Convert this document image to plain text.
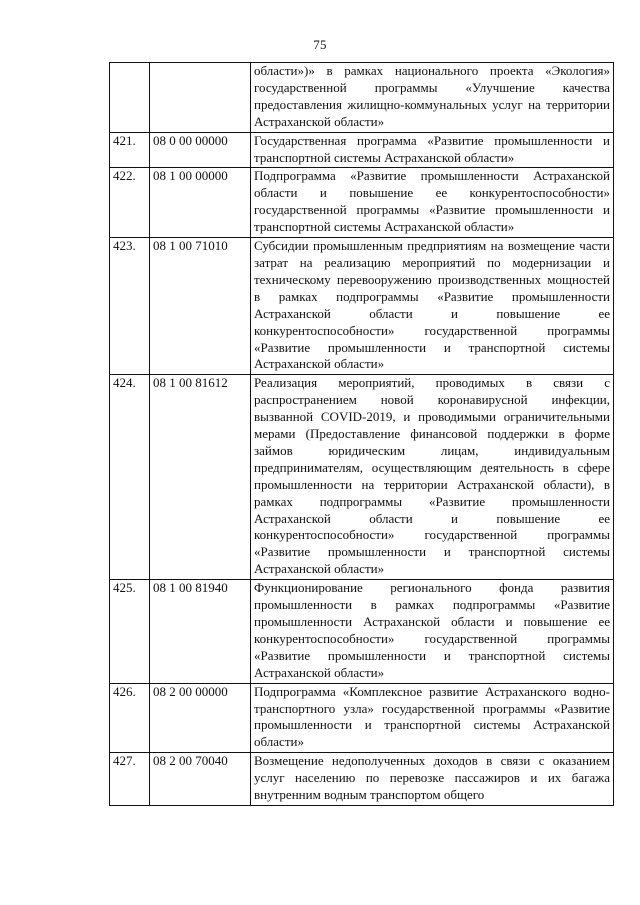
75
		области»)» в рамках национального проекта «Экология» государственной программы «Улучшение качества предоставления жилищно-коммунальных услуг на территории Астраханской области»
421.	08 0 00 00000	Государственная программа «Развитие промышленности и транспортной системы Астраханской области»
422.	08 1 00 00000	Подпрограмма «Развитие промышленности Астраханской области и повышение ее конкурентоспособности» государственной программы «Развитие промышленности и транспортной системы Астраханской области»
423.	08 1 00 71010	Субсидии промышленным предприятиям на возмещение части затрат на реализацию мероприятий по модернизации и техническому перевооружению производственных мощностей в рамках подпрограммы «Развитие промышленности Астраханской области и повышение ее конкурентоспособности» государственной программы «Развитие промышленности и транспортной системы Астраханской области»
424.	08 1 00 81612	Реализация мероприятий, проводимых в связи с распространением новой коронавирусной инфекции, вызванной COVID-2019, и проводимыми ограничительными мерами (Предоставление финансовой поддержки в форме займов юридическим лицам, индивидуальным предпринимателям, осуществляющим деятельность в сфере промышленности на территории Астраханской области), в рамках подпрограммы «Развитие промышленности Астраханской области и повышение ее конкурентоспособности» государственной программы «Развитие промышленности и транспортной системы Астраханской области»
425.	08 1 00 81940	Функционирование регионального фонда развития промышленности в рамках подпрограммы «Развитие промышленности Астраханской области и повышение ее конкурентоспособности» государственной программы «Развитие промышленности и транспортной системы Астраханской области»
426.	08 2 00 00000	Подпрограмма «Комплексное развитие Астраханского водно-транспортного узла» государственной программы «Развитие промышленности и транспортной системы Астраханской области»
427.	08 2 00 70040	Возмещение недополученных доходов в связи с оказанием услуг населению по перевозке пассажиров и их багажа внутренним водным транспортом общего
